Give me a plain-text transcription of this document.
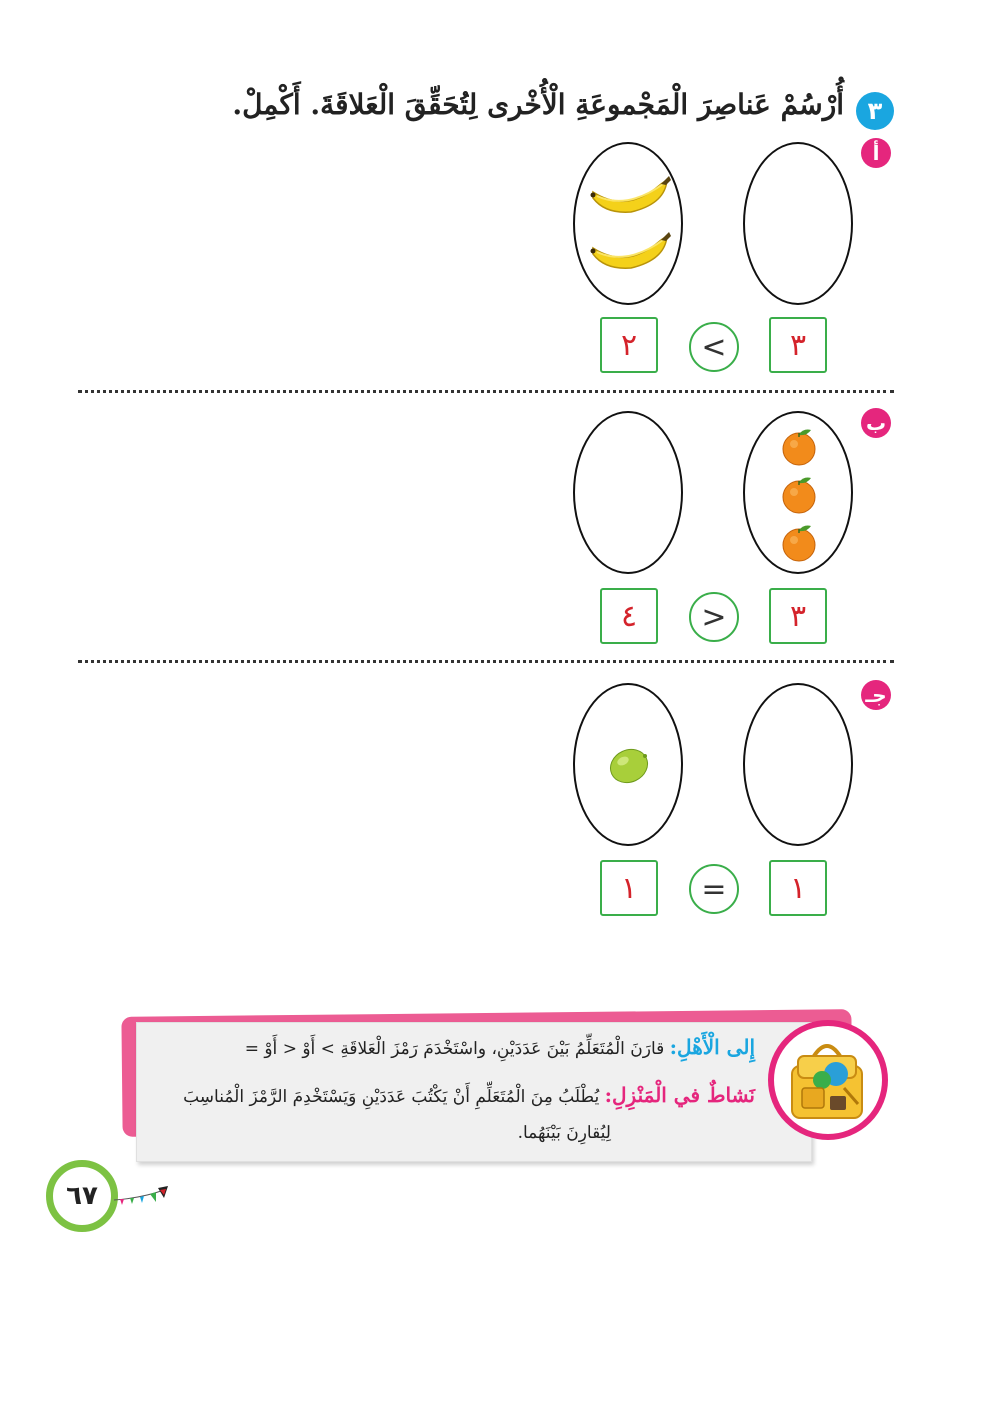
٣
أُرْسُمْ عَناصِرَ الْمَجْموعَةِ الْأُخْرى لِتُحَقِّقَ الْعَلاقَةَ. أَكْمِلْ.
أ
٣
<
٢
ب
٣
>
٤
جـ
١
=
١
إِلى الْأَهْلِ: قارَنَ الْمُتَعَلِّمُ بَيْنَ عَدَدَيْنِ، واسْتَخْدَمَ رَمْزَ الْعَلاقَةِ > أَوْ < أَوْ =
نَشاطٌ في الْمَنْزِلِ: يُطْلَبُ مِنَ الْمُتَعَلِّمِ أَنْ يَكْتُبَ عَدَدَيْنِ وَيَسْتَخْدِمَ الرَّمْزَ الْمُناسِبَ
لِيُقارِنَ بَيْنَهُما.
٦٧
